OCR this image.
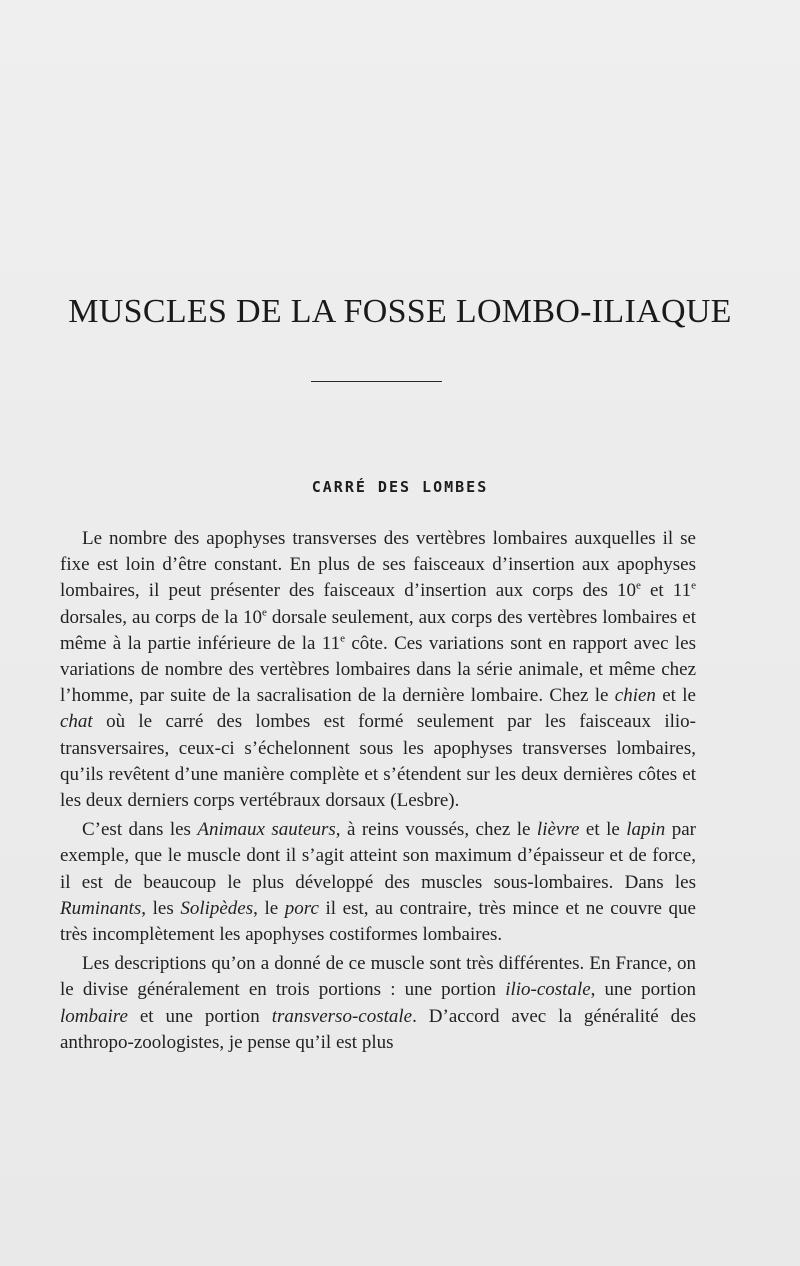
MUSCLES DE LA FOSSE LOMBO-ILIAQUE
CARRÉ DES LOMBES

Le nombre des apophyses transverses des vertèbres lombaires auxquelles il se fixe est loin d’être constant. En plus de ses faisceaux d’insertion aux apophyses lombaires, il peut présenter des faisceaux d’insertion aux corps des 10e et 11e dorsales, au corps de la 10e dorsale seulement, aux corps des vertèbres lombaires et même à la partie inférieure de la 11e côte. Ces variations sont en rapport avec les variations de nombre des vertèbres lombaires dans la série animale, et même chez l’homme, par suite de la sacralisation de la dernière lombaire. Chez le chien et le chat où le carré des lombes est formé seulement par les faisceaux ilio-transversaires, ceux-ci s’échelonnent sous les apophyses transverses lombaires, qu’ils revêtent d’une manière complète et s’étendent sur les deux dernières côtes et les deux derniers corps vertébraux dorsaux (Lesbre).

C’est dans les Animaux sauteurs, à reins voussés, chez le lièvre et le lapin par exemple, que le muscle dont il s’agit atteint son maximum d’épaisseur et de force, il est de beaucoup le plus développé des muscles sous-lombaires. Dans les Ruminants, les Solipèdes, le porc il est, au contraire, très mince et ne couvre que très incomplètement les apophyses costiformes lombaires.

Les descriptions qu’on a donné de ce muscle sont très différentes. En France, on le divise généralement en trois portions : une portion ilio-costale, une portion lombaire et une portion transverso-costale. D’accord avec la généralité des anthropo-zoologistes, je pense qu’il est plus
